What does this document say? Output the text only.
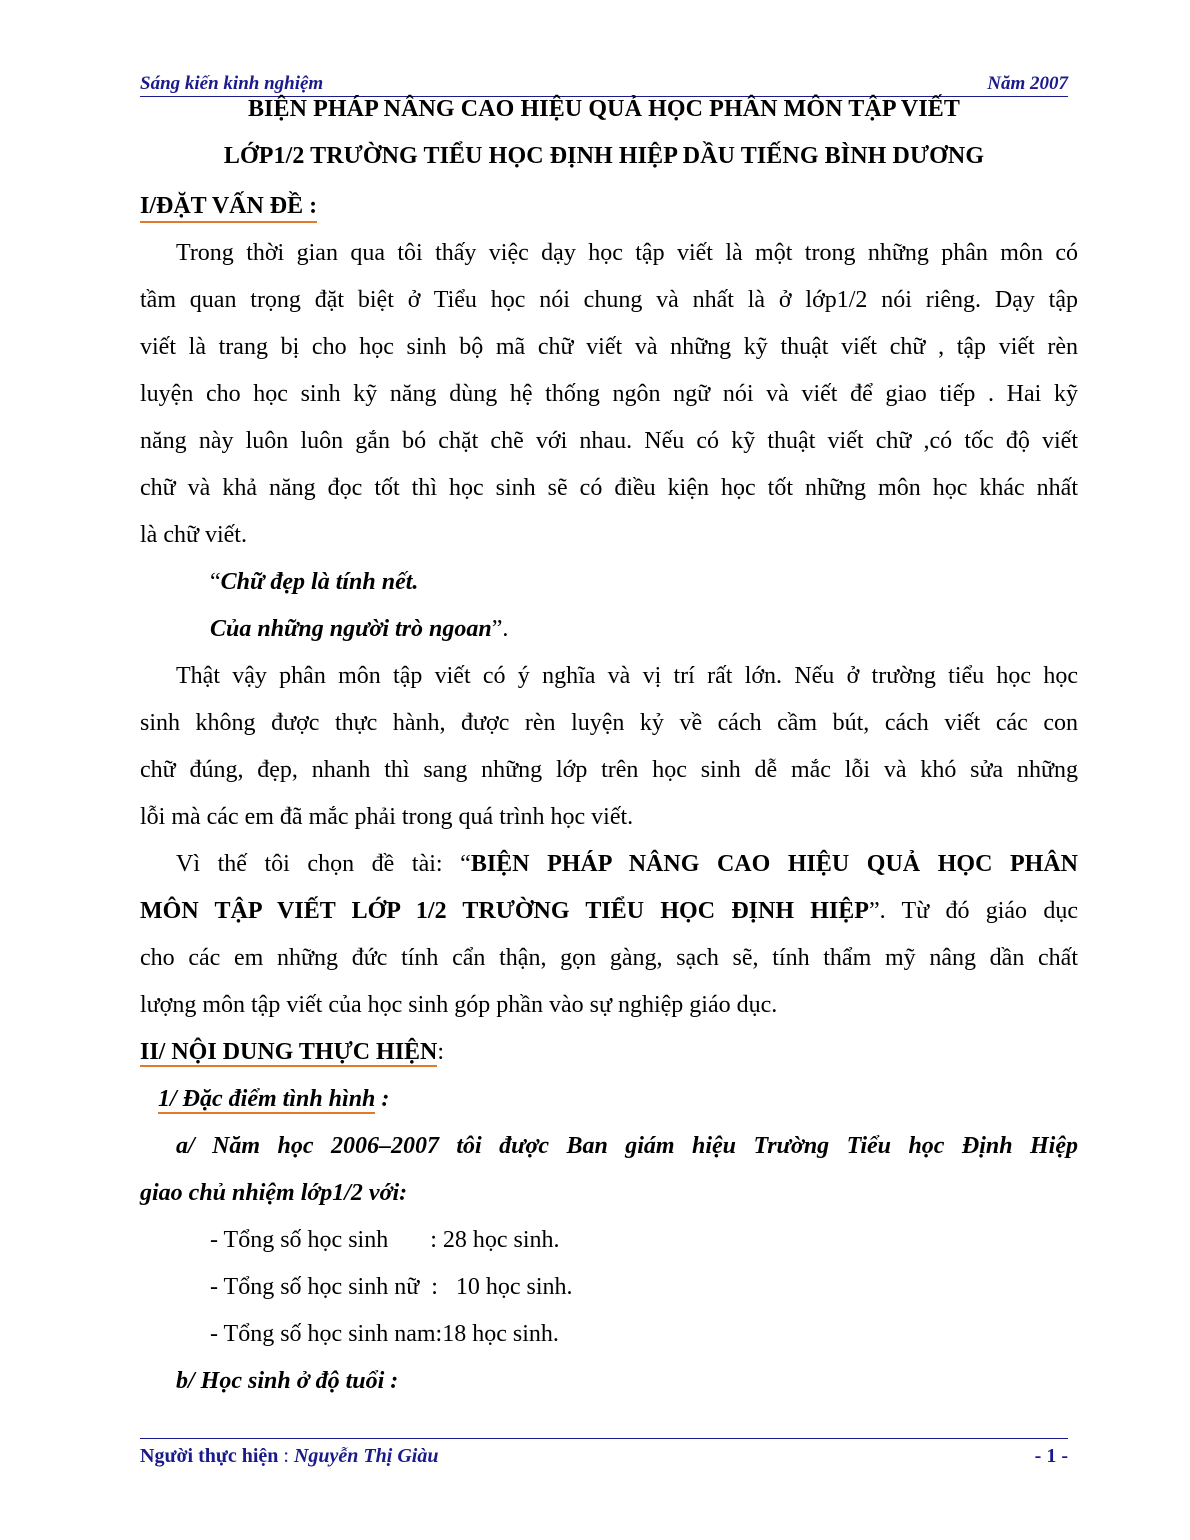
Sáng kiến kinh nghiệm	Năm 2007
BIỆN PHÁP NÂNG CAO HIỆU QUẢ HỌC PHÂN MÔN TẬP VIẾT
LỚP1/2 TRƯỜNG TIỂU HỌC ĐỊNH HIỆP DẦU TIẾNG BÌNH DƯƠNG
I/ĐẶT VẤN ĐỀ :
Trong thời gian qua tôi thấy việc dạy học tập viết là một trong những phân môn có
tầm quan trọng đặt biệt ở Tiểu học nói chung và nhất là ở lớp1/2 nói riêng. Dạy tập
viết là trang bị cho học sinh bộ mã chữ viết và những kỹ thuật viết chữ , tập viết rèn
luyện cho học sinh kỹ năng dùng hệ thống ngôn ngữ nói và viết để giao tiếp . Hai kỹ
năng này luôn luôn gắn bó chặt chẽ với nhau. Nếu có kỹ thuật viết chữ ,có tốc độ viết
chữ và khả năng đọc tốt thì học sinh sẽ có điều kiện học tốt những môn học khác nhất
là chữ viết.
“Chữ đẹp là tính nết.
Của những người trò ngoan”.
Thật vậy phân môn tập viết có ý nghĩa và vị trí rất lớn. Nếu ở trường tiểu học học
sinh không được thực hành, được rèn luyện kỷ về cách cầm bút, cách viết các con
chữ đúng, đẹp, nhanh thì sang những lớp trên học sinh dễ mắc lỗi và khó sửa những
lỗi mà các em đã mắc phải trong quá trình học viết.
Vì thế tôi chọn đề tài: “BIỆN PHÁP NÂNG CAO HIỆU QUẢ HỌC PHÂN
MÔN TẬP VIẾT LỚP 1/2 TRƯỜNG TIỂU HỌC ĐỊNH HIỆP”. Từ đó giáo dục
cho các em những đức tính cẩn thận, gọn gàng, sạch sẽ, tính thẩm mỹ nâng dần chất
lượng môn tập viết của học sinh góp phần vào sự nghiệp giáo dục.
II/ NỘI DUNG THỰC HIỆN:
1/ Đặc điểm tình hình :
a/ Năm học 2006–2007 tôi được Ban giám hiệu Trường Tiểu học Định Hiệp
giao chủ nhiệm lớp1/2 với:
- Tổng số học sinh       : 28 học sinh.
- Tổng số học sinh nữ  :   10 học sinh.
- Tổng số học sinh nam:18 học sinh.
b/ Học sinh ở độ tuổi :
Người thực hiện : Nguyễn Thị Giàu	- 1 -
